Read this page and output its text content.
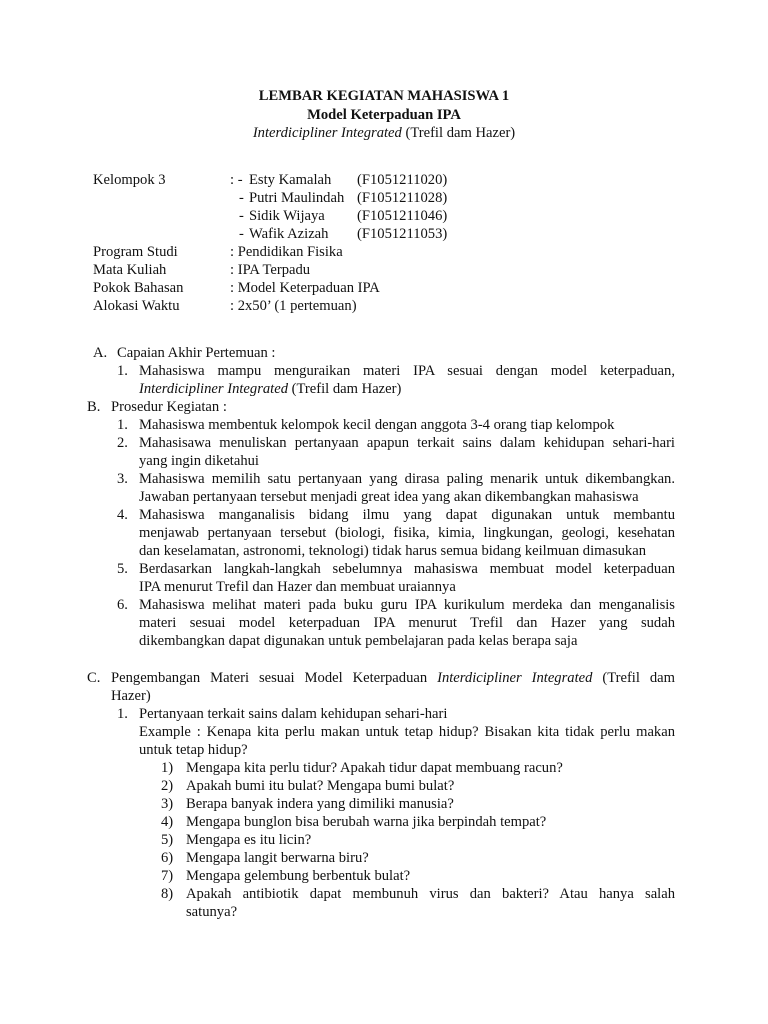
LEMBAR KEGIATAN MAHASISWA 1
Model Keterpaduan IPA
Interdicipliner Integrated (Trefil dam Hazer)
Kelompok 3	: - Esty Kamalah (F1051211020)
- Putri Maulindah (F1051211028)
- Sidik Wijaya (F1051211046)
- Wafik Azizah (F1051211053)
Program Studi	: Pendidikan Fisika
Mata Kuliah	: IPA Terpadu
Pokok Bahasan	: Model Keterpaduan IPA
Alokasi Waktu	: 2x50’ (1 pertemuan)
A. Capaian Akhir Pertemuan :
1. Mahasiswa mampu menguraikan materi IPA sesuai dengan model keterpaduan,
Interdicipliner Integrated (Trefil dam Hazer)
B. Prosedur Kegiatan :
1. Mahasiswa membentuk kelompok kecil dengan anggota 3-4 orang tiap kelompok
2. Mahasisawa menuliskan pertanyaan apapun terkait sains dalam kehidupan sehari-hari
yang ingin diketahui
3. Mahasiswa memilih satu pertanyaan yang dirasa paling menarik untuk dikembangkan.
Jawaban pertanyaan tersebut menjadi great idea yang akan dikembangkan mahasiswa
4. Mahasiswa manganalisis bidang ilmu yang dapat digunakan untuk membantu
menjawab pertanyaan tersebut (biologi, fisika, kimia, lingkungan, geologi, kesehatan
dan keselamatan, astronomi, teknologi) tidak harus semua bidang keilmuan dimasukan
5. Berdasarkan langkah-langkah sebelumnya mahasiswa membuat model keterpaduan
IPA menurut Trefil dan Hazer dan membuat uraiannya
6. Mahasiswa melihat materi pada buku guru IPA kurikulum merdeka dan menganalisis
materi sesuai model keterpaduan IPA menurut Trefil dan Hazer yang sudah
dikembangkan dapat digunakan untuk pembelajaran pada kelas berapa saja
C. Pengembangan Materi sesuai Model Keterpaduan Interdicipliner Integrated (Trefil dam
Hazer)
1. Pertanyaan terkait sains dalam kehidupan sehari-hari
Example : Kenapa kita perlu makan untuk tetap hidup? Bisakan kita tidak perlu makan
untuk tetap hidup?
1) Mengapa kita perlu tidur? Apakah tidur dapat membuang racun?
2) Apakah bumi itu bulat? Mengapa bumi bulat?
3) Berapa banyak indera yang dimiliki manusia?
4) Mengapa bunglon bisa berubah warna jika berpindah tempat?
5) Mengapa es itu licin?
6) Mengapa langit berwarna biru?
7) Mengapa gelembung berbentuk bulat?
8) Apakah antibiotik dapat membunuh virus dan bakteri? Atau hanya salah
satunya?
